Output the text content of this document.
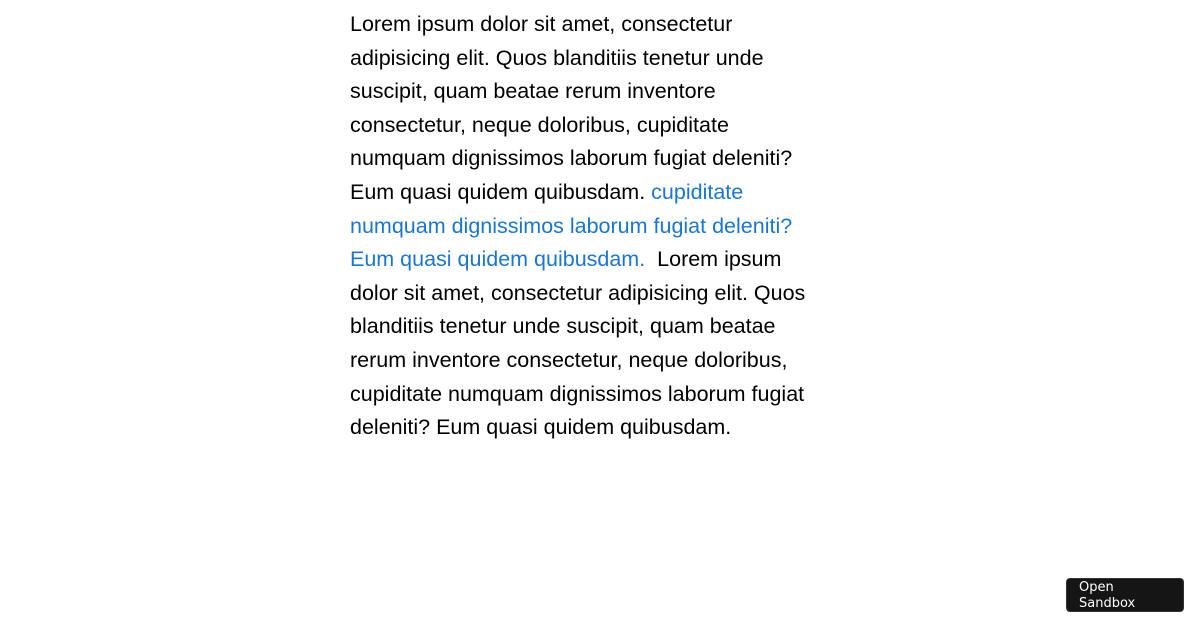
Lorem ipsum dolor sit amet, consectetur
adipisicing elit. Quos blanditiis tenetur unde
suscipit, quam beatae rerum inventore
consectetur, neque doloribus, cupiditate
numquam dignissimos laborum fugiat deleniti?
Eum quasi quidem quibusdam. cupiditate
numquam dignissimos laborum fugiat deleniti?
Eum quasi quidem quibusdam.  Lorem ipsum
dolor sit amet, consectetur adipisicing elit. Quos
blanditiis tenetur unde suscipit, quam beatae
rerum inventore consectetur, neque doloribus,
cupiditate numquam dignissimos laborum fugiat
deleniti? Eum quasi quidem quibusdam.
Open
Sandbox
